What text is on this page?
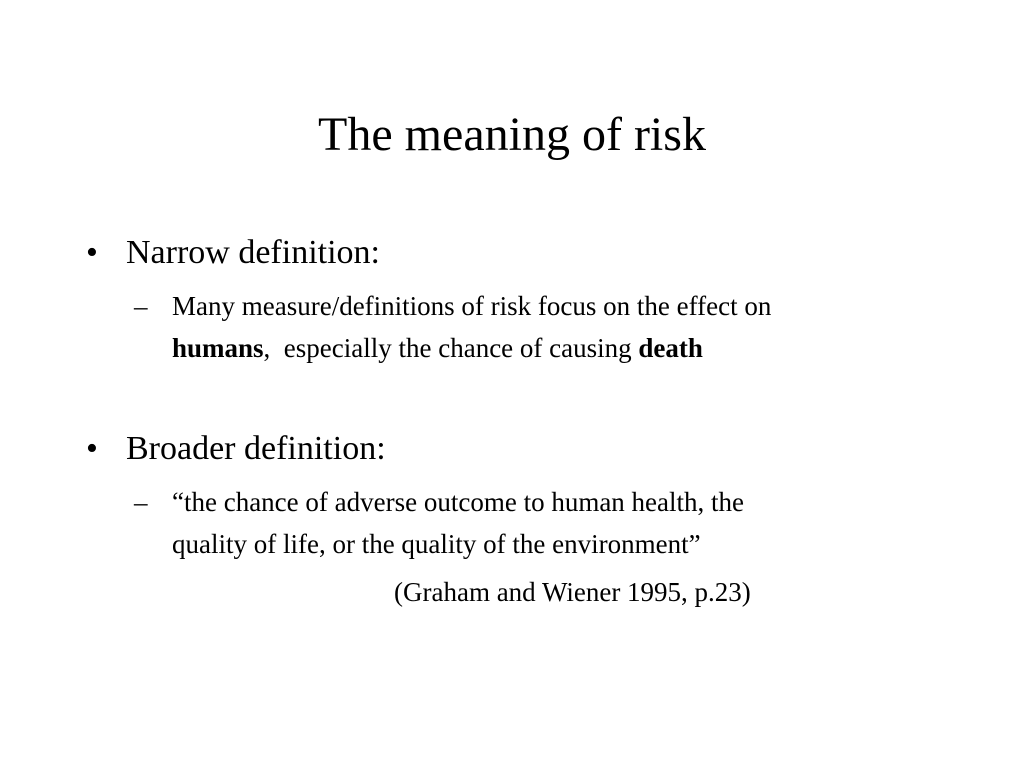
The meaning of risk
• Narrow definition:
– Many measure/definitions of risk focus on the effect on
humans,  especially the chance of causing death
• Broader definition:
– “the chance of adverse outcome to human health, the
quality of life, or the quality of the environment”
(Graham and Wiener 1995, p.23)
